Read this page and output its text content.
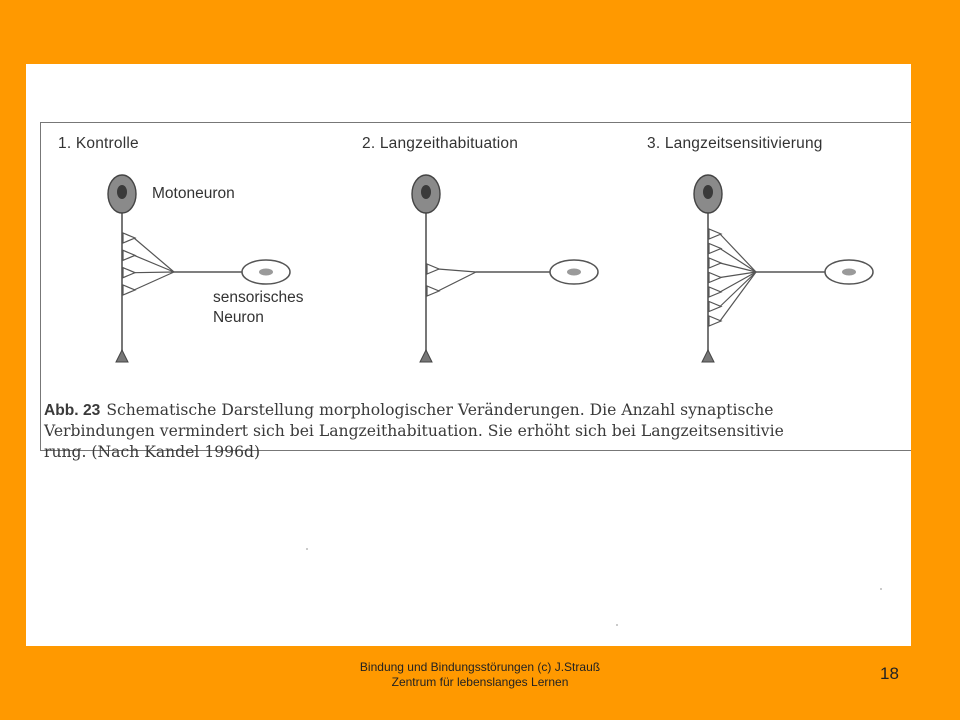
1. Kontrolle	2. Langzeithabituation	3. Langzeitsensitivierung
Motoneuron
sensorisches
Neuron
Abb. 23 Schematische Darstellung morphologischer Veränderungen. Die Anzahl synaptische
Verbindungen vermindert sich bei Langzeithabituation. Sie erhöht sich bei Langzeitsensitivie
rung. (Nach Kandel 1996d)
Bindung und Bindungsstörungen (c) J.Strauß
Zentrum für lebenslanges Lernen	18
